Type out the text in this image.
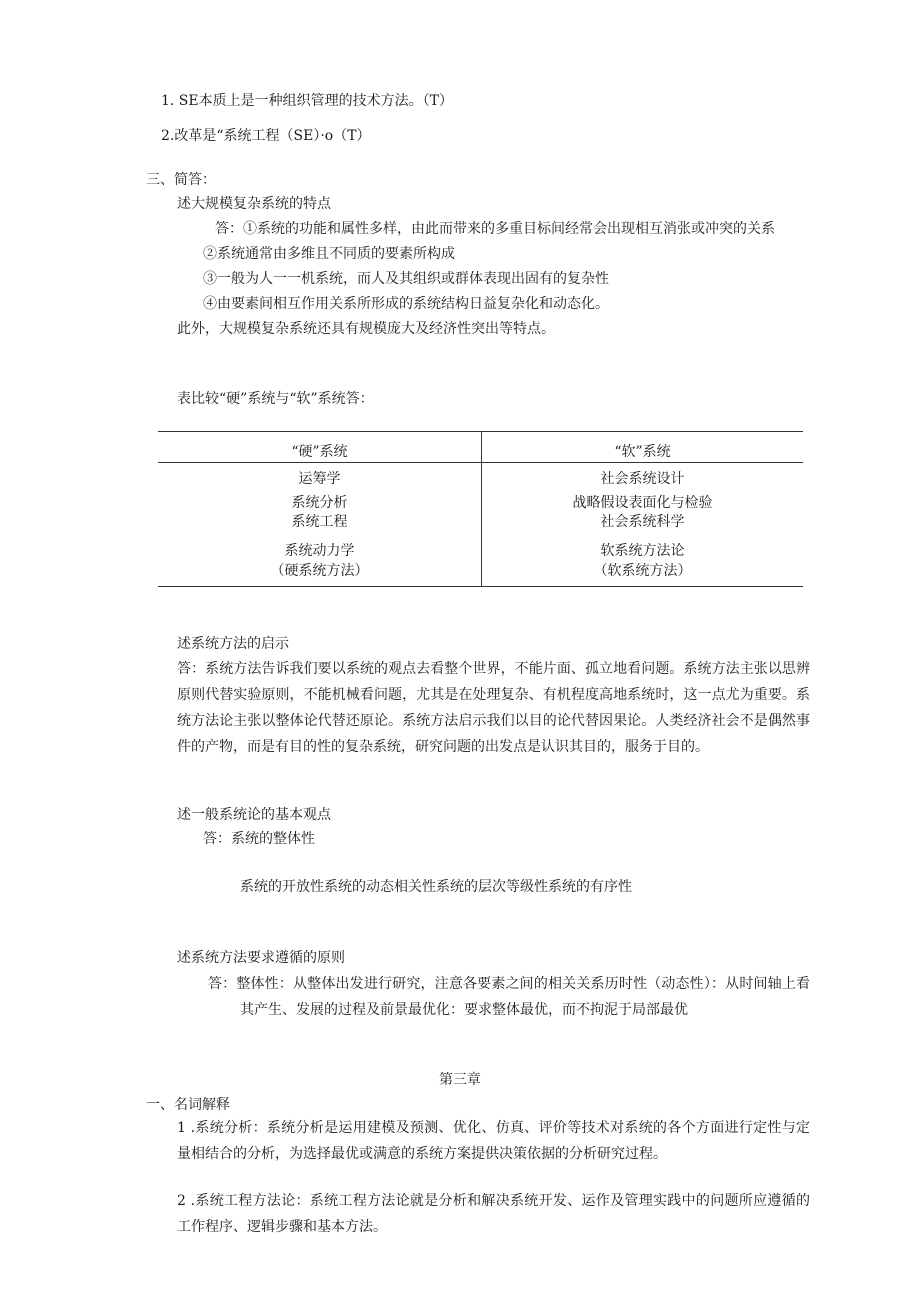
1. SE本质上是一种组织管理的技术方法。（T）
2.改革是“系统工程（SE）·o（T）
三、简答：
述大规模复杂系统的特点
答：①系统的功能和属性多样，由此而带来的多重目标间经常会出现相互消张或冲突的关系
②系统通常由多维且不同质的要素所构成
③一般为人一一机系统，而人及其组织或群体表现出固有的复杂性
④由要素间相互作用关系所形成的系统结构日益复杂化和动态化。
此外，大规模复杂系统还具有规模庞大及经济性突出等特点。
表比较“硬”系统与“软”系统答：
“硬”系统	“软”系统
运筹学
系统分析
系统工程
系统动力学
（硬系统方法）
社会系统设计
战略假设表面化与检验
社会系统科学
软系统方法论
（软系统方法）
述系统方法的启示
答：系统方法告诉我们要以系统的观点去看整个世界，不能片面、孤立地看问题。系统方法主张以思辨原则代替实验原则，不能机械看问题，尤其是在处理复杂、有机程度高地系统时，这一点尤为重要。系统方法论主张以整体论代替还原论。系统方法启示我们以目的论代替因果论。人类经济社会不是偶然事件的产物，而是有目的性的复杂系统，研究问题的出发点是认识其目的，服务于目的。
述一般系统论的基本观点
答：系统的整体性
系统的开放性系统的动态相关性系统的层次等级性系统的有序性
述系统方法要求遵循的原则
答：整体性：从整体出发进行研究，注意各要素之间的相关关系历时性（动态性）：从时间轴上看其产生、发展的过程及前景最优化：要求整体最优，而不拘泥于局部最优
第三章
一、名词解释
1 .系统分析：系统分析是运用建模及预测、优化、仿真、评价等技术对系统的各个方面进行定性与定量相结合的分析，为选择最优或满意的系统方案提供决策依据的分析研究过程。
2 .系统工程方法论：系统工程方法论就是分析和解决系统开发、运作及管理实践中的问题所应遵循的工作程序、逻辑步骤和基本方法。
